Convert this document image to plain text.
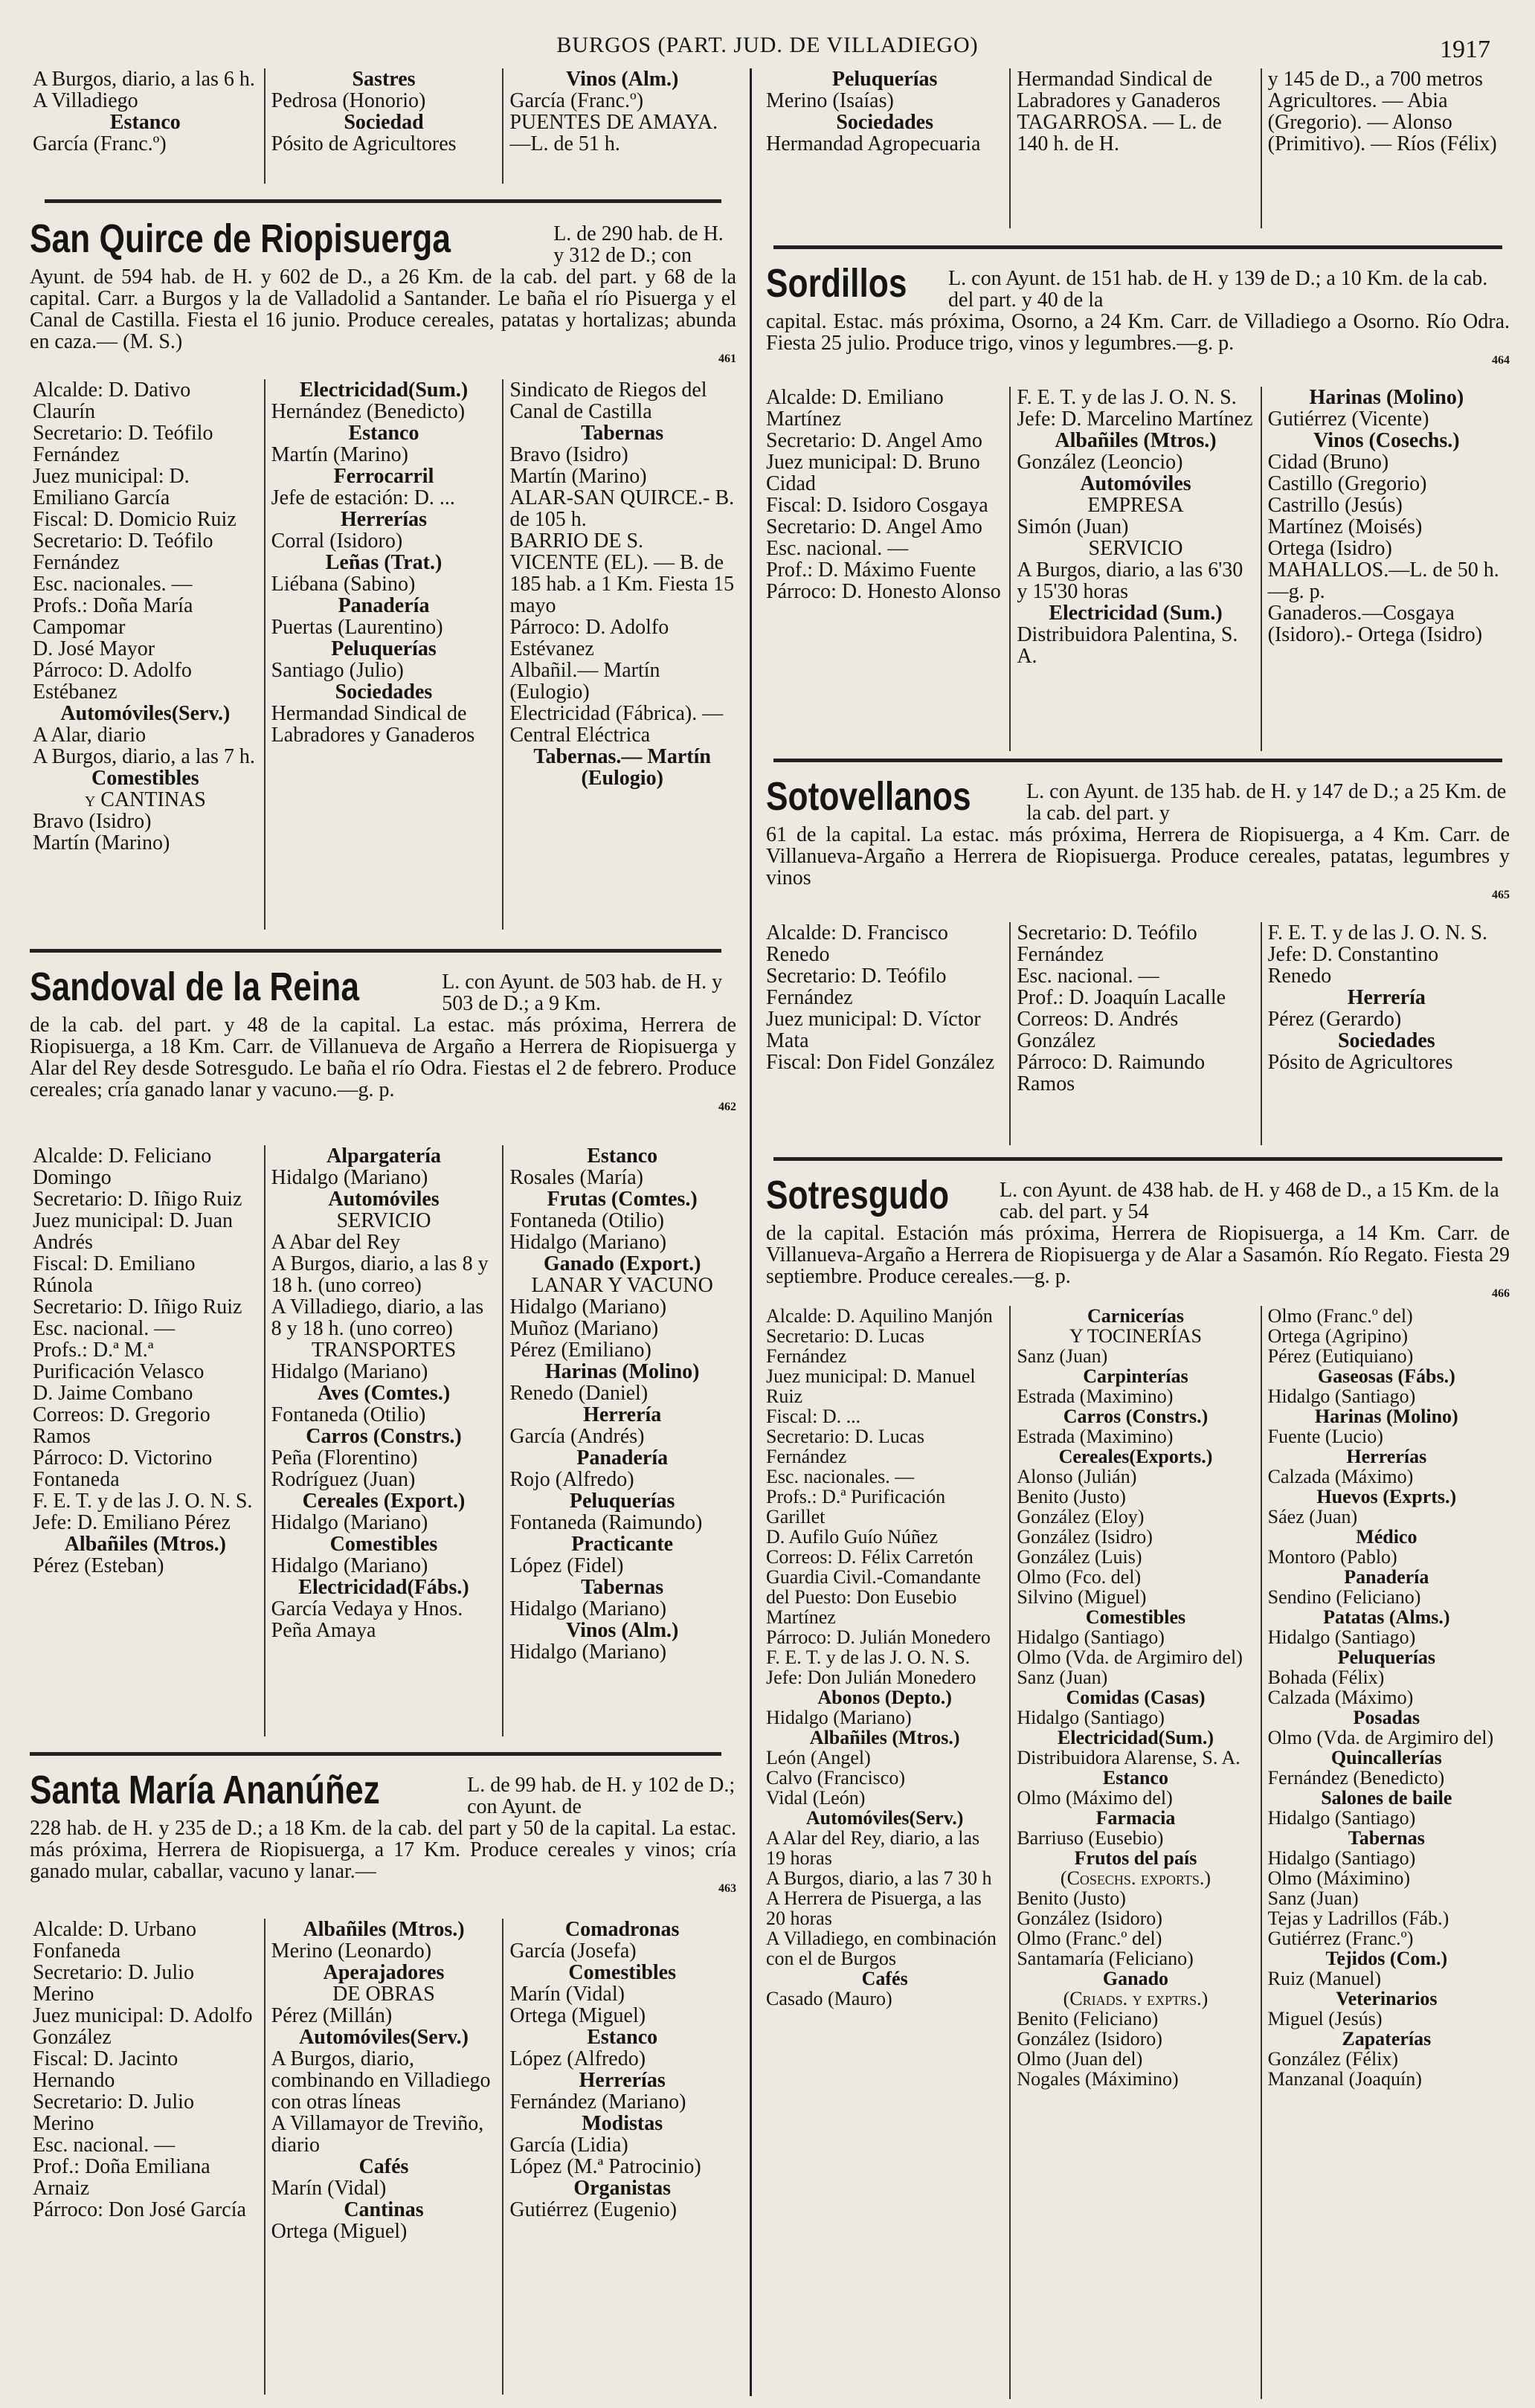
BURGOS (PART. JUD. DE VILLADIEGO)	1917
A Burgos, diario, a las 6 h.
A Villadiego
Estanco
García (Franc.º)
Sastres
Pedrosa (Honorio)
Sociedad
Pósito de Agricultores
Vinos (Alm.)
García (Franc.º)
PUENTES DE AMAYA. —L. de 51 h.
San Quirce de Riopisuerga	L. de 290 hab. de H. y 312 de D.; con
Ayunt. de 594 hab. de H. y 602 de D., a 26 Km. de la cab. del part. y 68 de la capital. Carr. a Burgos y la de Valladolid a Santander. Le baña el río Pisuerga y el Canal de Castilla. Fiesta el 16 junio. Produce cereales, patatas y hortalizas; abunda en caza.— (M. S.)
461
Alcalde: D. Dativo Claurín
Secretario: D. Teófilo Fernández
Juez municipal: D. Emiliano García
Fiscal: D. Domicio Ruiz
Secretario: D. Teófilo Fernández
Esc. nacionales. —
Profs.: Doña María Campomar
D. José Mayor
Párroco: D. Adolfo Estébanez
Automóviles(Serv.)
A Alar, diario
A Burgos, diario, a las 7 h.
Comestibles
y CANTINAS
Bravo (Isidro)
Martín (Marino)
Electricidad(Sum.)
Hernández (Benedicto)
Estanco
Martín (Marino)
Ferrocarril
Jefe de estación: D. ...
Herrerías
Corral (Isidoro)
Leñas (Trat.)
Liébana (Sabino)
Panadería
Puertas (Laurentino)
Peluquerías
Santiago (Julio)
Sociedades
Hermandad Sindical de Labradores y Ganaderos
Sindicato de Riegos del Canal de Castilla
Tabernas
Bravo (Isidro)
Martín (Marino)
ALAR-SAN QUIRCE.- B. de 105 h.
BARRIO DE S. VICENTE (EL). — B. de 185 hab. a 1 Km. Fiesta 15 mayo
Párroco: D. Adolfo Estévanez
Albañil.— Martín (Eulogio)
Electricidad (Fábrica). — Central Eléctrica
Tabernas.— Martín (Eulogio)
Sandoval de la Reina	L. con Ayunt. de 503 hab. de H. y 503 de D.; a 9 Km.
de la cab. del part. y 48 de la capital. La estac. más próxima, Herrera de Riopisuerga, a 18 Km. Carr. de Villanueva de Argaño a Herrera de Riopisuerga y Alar del Rey desde Sotresgudo. Le baña el río Odra. Fiestas el 2 de febrero. Produce cereales; cría ganado lanar y vacuno.—g. p.
462
Alcalde: D. Feliciano Domingo
Secretario: D. Iñigo Ruiz
Juez municipal: D. Juan Andrés
Fiscal: D. Emiliano Rúnola
Secretario: D. Iñigo Ruiz
Esc. nacional. —
Profs.: D.ª M.ª Purificación Velasco
D. Jaime Combano
Correos: D. Gregorio Ramos
Párroco: D. Victorino Fontaneda
F. E. T. y de las J. O. N. S.
Jefe: D. Emiliano Pérez
Albañiles (Mtros.)
Pérez (Esteban)
Alpargatería
Hidalgo (Mariano)
Automóviles
SERVICIO
A Abar del Rey
A Burgos, diario, a las 8 y 18 h. (uno correo)
A Villadiego, diario, a las 8 y 18 h. (uno correo)
TRANSPORTES
Hidalgo (Mariano)
Aves (Comtes.)
Fontaneda (Otilio)
Carros (Constrs.)
Peña (Florentino)
Rodríguez (Juan)
Cereales (Export.)
Hidalgo (Mariano)
Comestibles
Hidalgo (Mariano)
Electricidad(Fábs.)
García Vedaya y Hnos.
Peña Amaya
Estanco
Rosales (María)
Frutas (Comtes.)
Fontaneda (Otilio)
Hidalgo (Mariano)
Ganado (Export.)
LANAR Y VACUNO
Hidalgo (Mariano)
Muñoz (Mariano)
Pérez (Emiliano)
Harinas (Molino)
Renedo (Daniel)
Herrería
García (Andrés)
Panadería
Rojo (Alfredo)
Peluquerías
Fontaneda (Raimundo)
Practicante
López (Fidel)
Tabernas
Hidalgo (Mariano)
Vinos (Alm.)
Hidalgo (Mariano)
Santa María Ananúñez	L. de 99 hab. de H. y 102 de D.; con Ayunt. de
228 hab. de H. y 235 de D.; a 18 Km. de la cab. del part y 50 de la capital. La estac. más próxima, Herrera de Riopisuerga, a 17 Km. Produce cereales y vinos; cría ganado mular, caballar, vacuno y lanar.—
463
Alcalde: D. Urbano Fonfaneda
Secretario: D. Julio Merino
Juez municipal: D. Adolfo González
Fiscal: D. Jacinto Hernando
Secretario: D. Julio Merino
Esc. nacional. —
Prof.: Doña Emiliana Arnaiz
Párroco: Don José García
Albañiles (Mtros.)
Merino (Leonardo)
Aperajadores
DE OBRAS
Pérez (Millán)
Automóviles(Serv.)
A Burgos, diario, combinando en Villadiego con otras líneas
A Villamayor de Treviño, diario
Cafés
Marín (Vidal)
Cantinas
Ortega (Miguel)
Comadronas
García (Josefa)
Comestibles
Marín (Vidal)
Ortega (Miguel)
Estanco
López (Alfredo)
Herrerías
Fernández (Mariano)
Modistas
García (Lidia)
López (M.ª Patrocinio)
Organistas
Gutiérrez (Eugenio)
Peluquerías
Merino (Isaías)
Sociedades
Hermandad Agropecuaria
Hermandad Sindical de Labradores y Ganaderos
TAGARROSA. — L. de 140 h. de H.
y 145 de D., a 700 metros
Agricultores. — Abia (Gregorio). — Alonso (Primitivo). — Ríos (Félix)
Sordillos L. con Ayunt. de 151 hab. de H. y 139 de D.; a 10 Km. de la cab. del part. y 40 de la
capital. Estac. más próxima, Osorno, a 24 Km. Carr. de Villadiego a Osorno. Río Odra. Fiesta 25 julio. Produce trigo, vinos y legumbres.—g. p.
464
Alcalde: D. Emiliano Martínez
Secretario: D. Angel Amo
Juez municipal: D. Bruno Cidad
Fiscal: D. Isidoro Cosgaya
Secretario: D. Angel Amo
Esc. nacional. —
Prof.: D. Máximo Fuente
Párroco: D. Honesto Alonso
F. E. T. y de las J. O. N. S.
Jefe: D. Marcelino Martínez
Albañiles (Mtros.)
González (Leoncio)
Automóviles
EMPRESA
Simón (Juan)
SERVICIO
A Burgos, diario, a las 6'30 y 15'30 horas
Electricidad (Sum.)
Distribuidora Palentina, S. A.
Harinas (Molino)
Gutiérrez (Vicente)
Vinos (Cosechs.)
Cidad (Bruno)
Castillo (Gregorio)
Castrillo (Jesús)
Martínez (Moisés)
Ortega (Isidro)
MAHALLOS.—L. de 50 h.—g. p.
Ganaderos.—Cosgaya (Isidoro).- Ortega (Isidro)
Sotovellanos	L. con Ayunt. de 135 hab. de H. y 147 de D.; a 25 Km. de la cab. del part. y
61 de la capital. La estac. más próxima, Herrera de Riopisuerga, a 4 Km. Carr. de Villanueva-Argaño a Herrera de Riopisuerga. Produce cereales, patatas, legumbres y vinos
465
Alcalde: D. Francisco Renedo
Secretario: D. Teófilo Fernández
Juez municipal: D. Víctor Mata
Fiscal: Don Fidel González
Secretario: D. Teófilo Fernández
Esc. nacional. —
Prof.: D. Joaquín Lacalle
Correos: D. Andrés González
Párroco: D. Raimundo Ramos
F. E. T. y de las J. O. N. S.
Jefe: D. Constantino Renedo
Herrería
Pérez (Gerardo)
Sociedades
Pósito de Agricultores
Sotresgudo L. con Ayunt. de 438 hab. de H. y 468 de D., a 15 Km. de la cab. del part. y 54
de la capital. Estación más próxima, Herrera de Riopisuerga, a 14 Km. Carr. de Villanueva-Argaño a Herrera de Riopisuerga y de Alar a Sasamón. Río Regato. Fiesta 29 septiembre. Produce cereales.—g. p.
466
Alcalde: D. Aquilino Manjón
Secretario: D. Lucas Fernández
Juez municipal: D. Manuel Ruiz
Fiscal: D. ...
Secretario: D. Lucas Fernández
Esc. nacionales. —
Profs.: D.ª Purificación Garillet
D. Aufilo Guío Núñez
Correos: D. Félix Carretón
Guardia Civil.-Comandante del Puesto: Don Eusebio Martínez
Párroco: D. Julián Monedero
F. E. T. y de las J. O. N. S.
Jefe: Don Julián Monedero
Abonos (Depto.)
Hidalgo (Mariano)
Albañiles (Mtros.)
León (Angel)
Calvo (Francisco)
Vidal (León)
Automóviles(Serv.)
A Alar del Rey, diario, a las 19 horas
A Burgos, diario, a las 7 30 h
A Herrera de Pisuerga, a las 20 horas
A Villadiego, en combinación con el de Burgos
Cafés
Casado (Mauro)
Carnicerías
Y TOCINERÍAS
Sanz (Juan)
Carpinterías
Estrada (Maximino)
Carros (Constrs.)
Estrada (Maximino)
Cereales(Exports.)
Alonso (Julián)
Benito (Justo)
González (Eloy)
González (Isidro)
González (Luis)
Olmo (Fco. del)
Silvino (Miguel)
Comestibles
Hidalgo (Santiago)
Olmo (Vda. de Argimiro del)
Sanz (Juan)
Comidas (Casas)
Hidalgo (Santiago)
Electricidad(Sum.)
Distribuidora Alarense, S. A.
Estanco
Olmo (Máximo del)
Farmacia
Barriuso (Eusebio)
Frutos del país
(Cosechs. exports.)
Benito (Justo)
González (Isidoro)
Olmo (Franc.º del)
Santamaría (Feliciano)
Ganado
(Criads. y exptrs.)
Benito (Feliciano)
González (Isidoro)
Olmo (Juan del)
Nogales (Máximino)
Olmo (Franc.º del)
Ortega (Agripino)
Pérez (Eutiquiano)
Gaseosas (Fábs.)
Hidalgo (Santiago)
Harinas (Molino)
Fuente (Lucio)
Herrerías
Calzada (Máximo)
Huevos (Exprts.)
Sáez (Juan)
Médico
Montoro (Pablo)
Panadería
Sendino (Feliciano)
Patatas (Alms.)
Hidalgo (Santiago)
Peluquerías
Bohada (Félix)
Calzada (Máximo)
Posadas
Olmo (Vda. de Argimiro del)
Quincallerías
Fernández (Benedicto)
Salones de baile
Hidalgo (Santiago)
Tabernas
Hidalgo (Santiago)
Olmo (Máximino)
Sanz (Juan)
Tejas y Ladrillos (Fáb.)
Gutiérrez (Franc.º)
Tejidos (Com.)
Ruiz (Manuel)
Veterinarios
Miguel (Jesús)
Zapaterías
González (Félix)
Manzanal (Joaquín)
